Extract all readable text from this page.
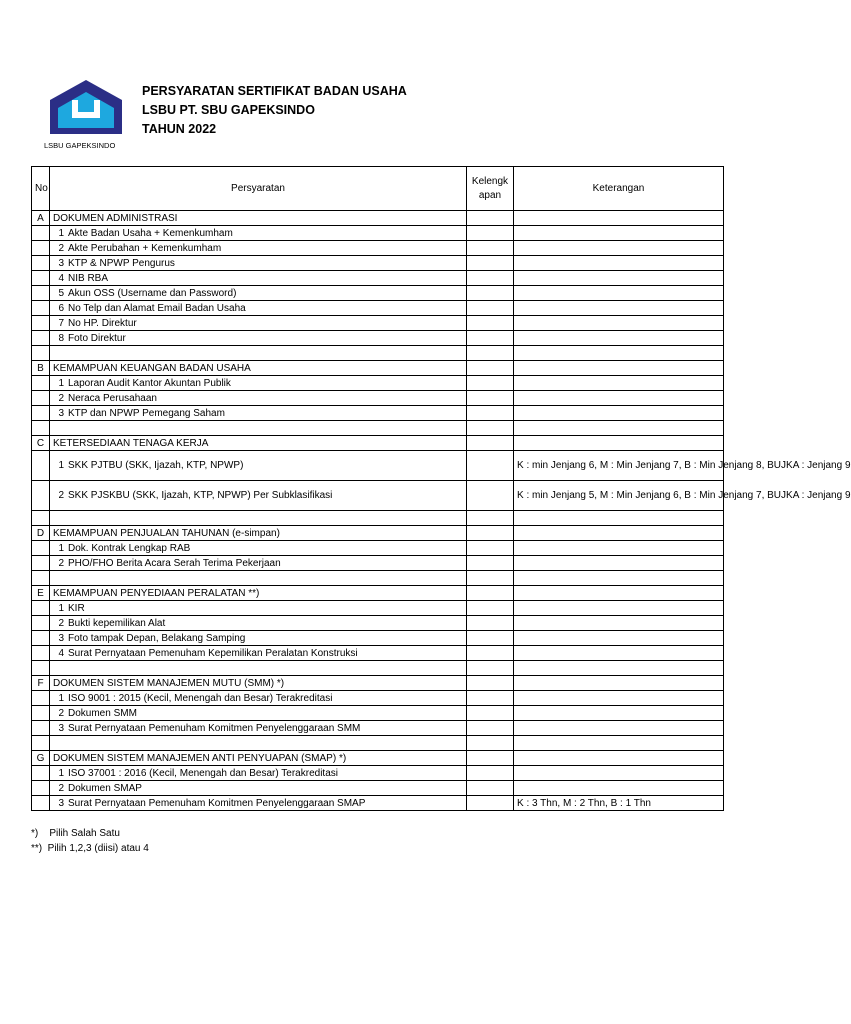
LSBU GAPEKSINDO
PERSYARATAN SERTIFIKAT BADAN USAHA
LSBU PT. SBU GAPEKSINDO
TAHUN 2022
No	Persyaratan	Kelengk apan	Keterangan
A	DOKUMEN ADMINISTRASI		
	1 Akte Badan Usaha + Kemenkumham		
	2 Akte Perubahan + Kemenkumham		
	3 KTP & NPWP Pengurus		
	4 NIB RBA		
	5 Akun OSS (Username dan Password)		
	6 No Telp dan Alamat Email Badan Usaha		
	7 No HP. Direktur		
	8 Foto Direktur		

B	KEMAMPUAN KEUANGAN BADAN USAHA		
	1 Laporan Audit Kantor Akuntan Publik		
	2 Neraca Perusahaan		
	3 KTP dan NPWP Pemegang Saham		

C	KETERSEDIAAN TENAGA KERJA		
	1 SKK PJTBU (SKK, Ijazah, KTP, NPWP)		K : min Jenjang 6, M : Min Jenjang 7, B : Min Jenjang 8, BUJKA : Jenjang 9
	2 SKK PJSKBU (SKK, Ijazah, KTP, NPWP) Per Subklasifikasi		K : min Jenjang 5, M : Min Jenjang 6, B : Min Jenjang 7, BUJKA : Jenjang 9

D	KEMAMPUAN PENJUALAN TAHUNAN (e-simpan)		
	1 Dok. Kontrak Lengkap RAB		
	2 PHO/FHO Berita Acara Serah Terima Pekerjaan		

E	KEMAMPUAN PENYEDIAAN PERALATAN **)		
	1 KIR		
	2 Bukti kepemilikan Alat		
	3 Foto tampak Depan, Belakang Samping		
	4 Surat Pernyataan Pemenuham Kepemilikan Peralatan Konstruksi		

F	DOKUMEN SISTEM MANAJEMEN MUTU (SMM) *)		
	1 ISO 9001 : 2015 (Kecil, Menengah dan Besar) Terakreditasi		
	2 Dokumen SMM		
	3 Surat Pernyataan Pemenuham Komitmen Penyelenggaraan SMM		

G	DOKUMEN SISTEM MANAJEMEN ANTI PENYUAPAN (SMAP) *)		
	1 ISO 37001 : 2016 (Kecil, Menengah dan Besar) Terakreditasi		
	2 Dokumen SMAP		
	3 Surat Pernyataan Pemenuham Komitmen Penyelenggaraan SMAP		K : 3 Thn, M : 2 Thn, B : 1 Thn
*)    Pilih Salah Satu
**)  Pilih 1,2,3 (diisi) atau 4
